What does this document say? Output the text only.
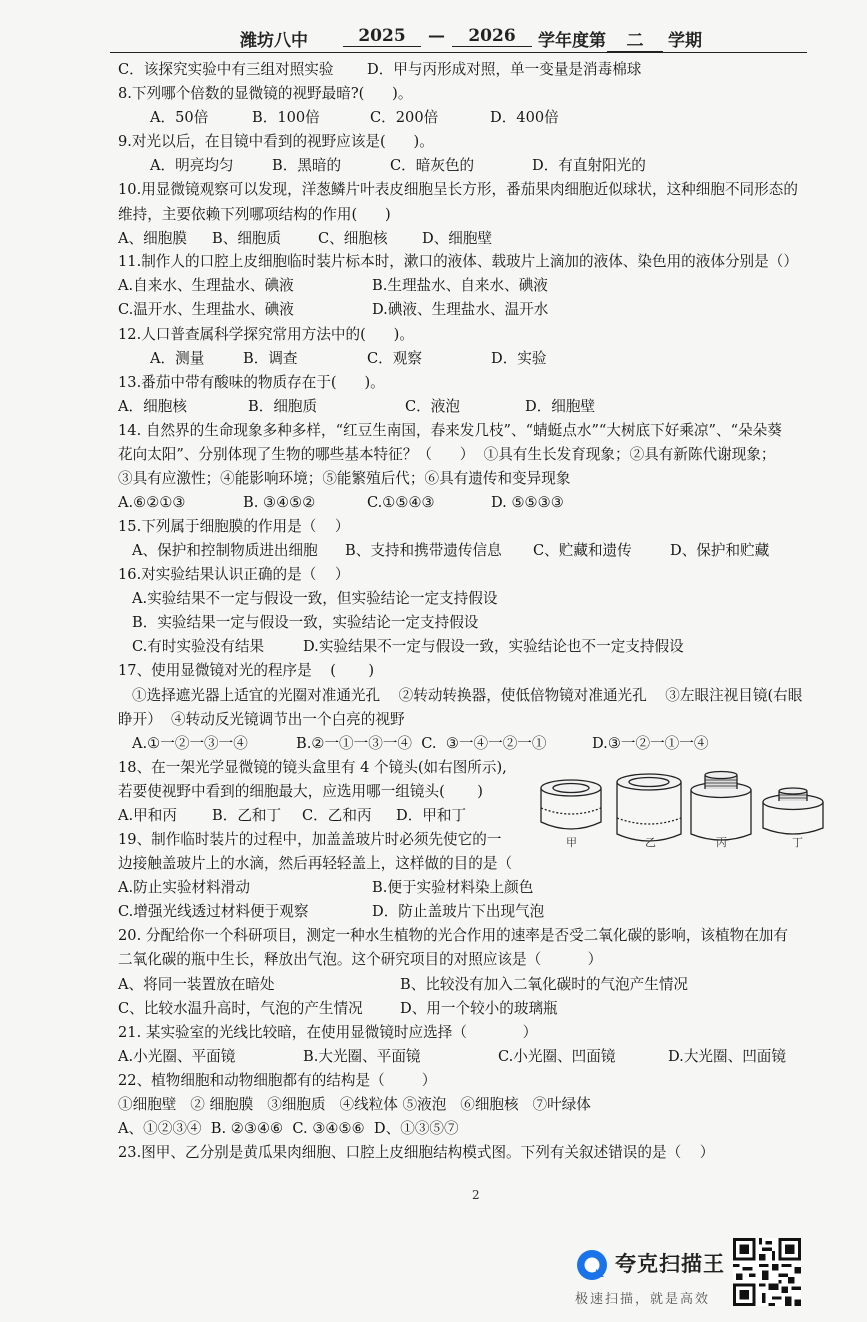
潍坊八中	2025	—	2026	学年度第	二	学期
C．该探究实验中有三组对照实验 D．甲与丙形成对照，单一变量是消毒棉球
8.下列哪个倍数的显微镜的视野最暗?(      )。
A．50倍	B．100倍	C．200倍	D．400倍
9.对光以后，在目镜中看到的视野应该是(      )。
A．明亮均匀	B．黑暗的	C．暗灰色的	D．有直射阳光的
10.用显微镜观察可以发现，洋葱鳞片叶表皮细胞呈长方形，番茄果肉细胞近似球状，这种细胞不同形态的
维持，主要依赖下列哪项结构的作用(      )
A、细胞膜 B、细胞质	C、细胞核 D、细胞壁
11.制作人的口腔上皮细胞临时装片标本时，漱口的液体、载玻片上滴加的液体、染色用的液体分别是（）
A.自来水、生理盐水、碘液	B.生理盐水、自来水、碘液
C.温开水、生理盐水、碘液	D.碘液、生理盐水、温开水
12.人口普查属科学探究常用方法中的(      )。
A．测量	B．调查	C．观察	D．实验
13.番茄中带有酸味的物质存在于(      )。
A．细胞核	B．细胞质	C．液泡	D．细胞壁
14. 自然界的生命现象多种多样，“红豆生南国，春来发几枝”、“蜻蜓点水”“大树底下好乘凉”、“朵朵葵
花向太阳”、分别体现了生物的哪些基本特征？（      ）  ①具有生长发育现象；②具有新陈代谢现象；
③具有应激性；④能影响环境；⑤能繁殖后代；⑥具有遗传和变异现象
A.⑥②①③	B. ③④⑤②	C.①⑤④③	D. ⑤⑤③③
15.下列属于细胞膜的作用是（    ）
A、保护和控制物质进出细胞 B、支持和携带遗传信息 C、贮藏和遗传	D、保护和贮藏
16.对实验结果认识正确的是（    ）
A.实验结果不一定与假设一致，但实验结论一定支持假设
B．实验结果一定与假设一致，实验结论一定支持假设
C.有时实验没有结果	D.实验结果不一定与假设一致，实验结论也不一定支持假设
17、使用显微镜对光的程序是    (       )
①选择遮光器上适宜的光圈对准通光孔    ②转动转换器，使低倍物镜对准通光孔    ③左眼注视目镜(右眼
睁开）  ④转动反光镜调节出一个白亮的视野
A.①一②一③一④	B.②一①一③一④  C.  ③一④一②一①	D.③一②一①一④
18、在一架光学显微镜的镜头盒里有 4 个镜头(如右图所示),
若要使视野中看到的细胞最大，应选用哪一组镜头(       )
A.甲和丙 B．乙和丁 C．乙和丙 D．甲和丁
19、制作临时装片的过程中，加盖盖玻片时必须先使它的一
边接触盖玻片上的水滴，然后再轻轻盖上，这样做的目的是（
A.防止实验材料滑动	B.便于实验材料染上颜色
C.增强光线透过材料便于观察	D．防止盖玻片下出现气泡
20. 分配给你一个科研项目，测定一种水生植物的光合作用的速率是否受二氧化碳的影响，该植物在加有
二氧化碳的瓶中生长，释放出气泡。这个研究项目的对照应该是（          ）
A、将同一装置放在暗处	B、比较没有加入二氧化碳时的气泡产生情况
C、比较水温升高时，气泡的产生情况	D、用一个较小的玻璃瓶
21. 某实验室的光线比较暗，在使用显微镜时应选择（            ）
A.小光圈、平面镜	B.大光圈、平面镜	C.小光圈、凹面镜	D.大光圈、凹面镜
22、植物细胞和动物细胞都有的结构是（        ）
①细胞壁   ② 细胞膜   ③细胞质   ④线粒体 ⑤液泡   ⑥细胞核   ⑦叶绿体
A、①②③④  B. ②③④⑥  C. ③④⑤⑥  D、①③⑤⑦
23.图甲、乙分别是黄瓜果肉细胞、口腔上皮细胞结构模式图。下列有关叙述错误的是（    ）
甲	乙	丙	丁
2
夸克扫描王
极速扫描，就是高效
